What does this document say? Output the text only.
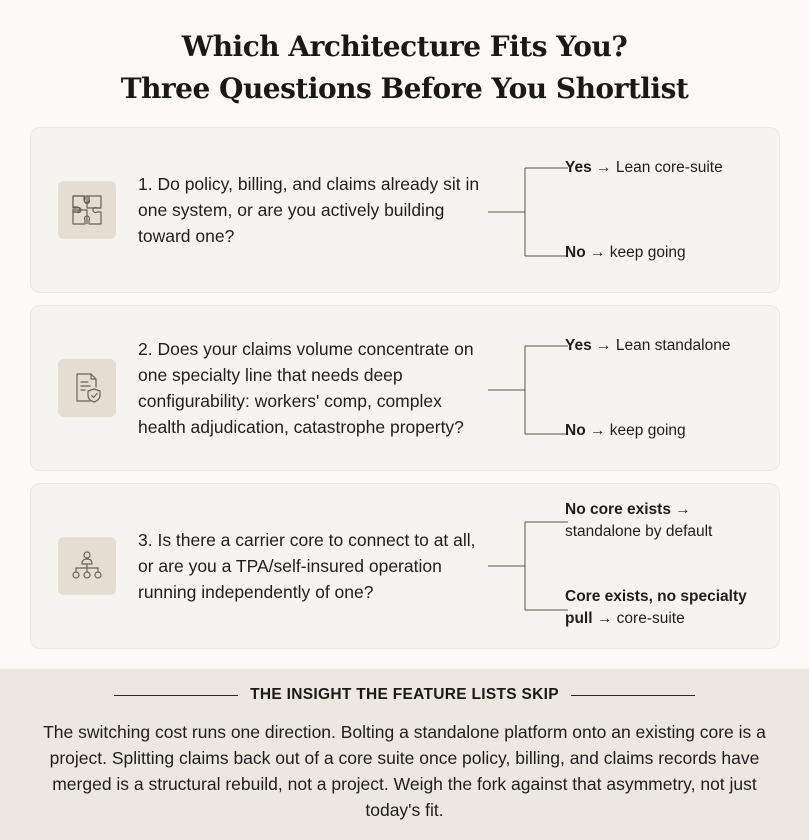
Which Architecture Fits You?
Three Questions Before You Shortlist
1. Do policy, billing, and claims already sit in one system, or are you actively building toward one?
Yes → Lean core-suite
No → keep going
2. Does your claims volume concentrate on one specialty line that needs deep configurability: workers' comp, complex health adjudication, catastrophe property?
Yes → Lean standalone
No → keep going
3. Is there a carrier core to connect to at all, or are you a TPA/self-insured operation running independently of one?
No core exists →
standalone by default
Core exists, no specialty pull → core-suite
THE INSIGHT THE FEATURE LISTS SKIP
The switching cost runs one direction. Bolting a standalone platform onto an existing core is a project. Splitting claims back out of a core suite once policy, billing, and claims records have merged is a structural rebuild, not a project. Weigh the fork against that asymmetry, not just today's fit.
